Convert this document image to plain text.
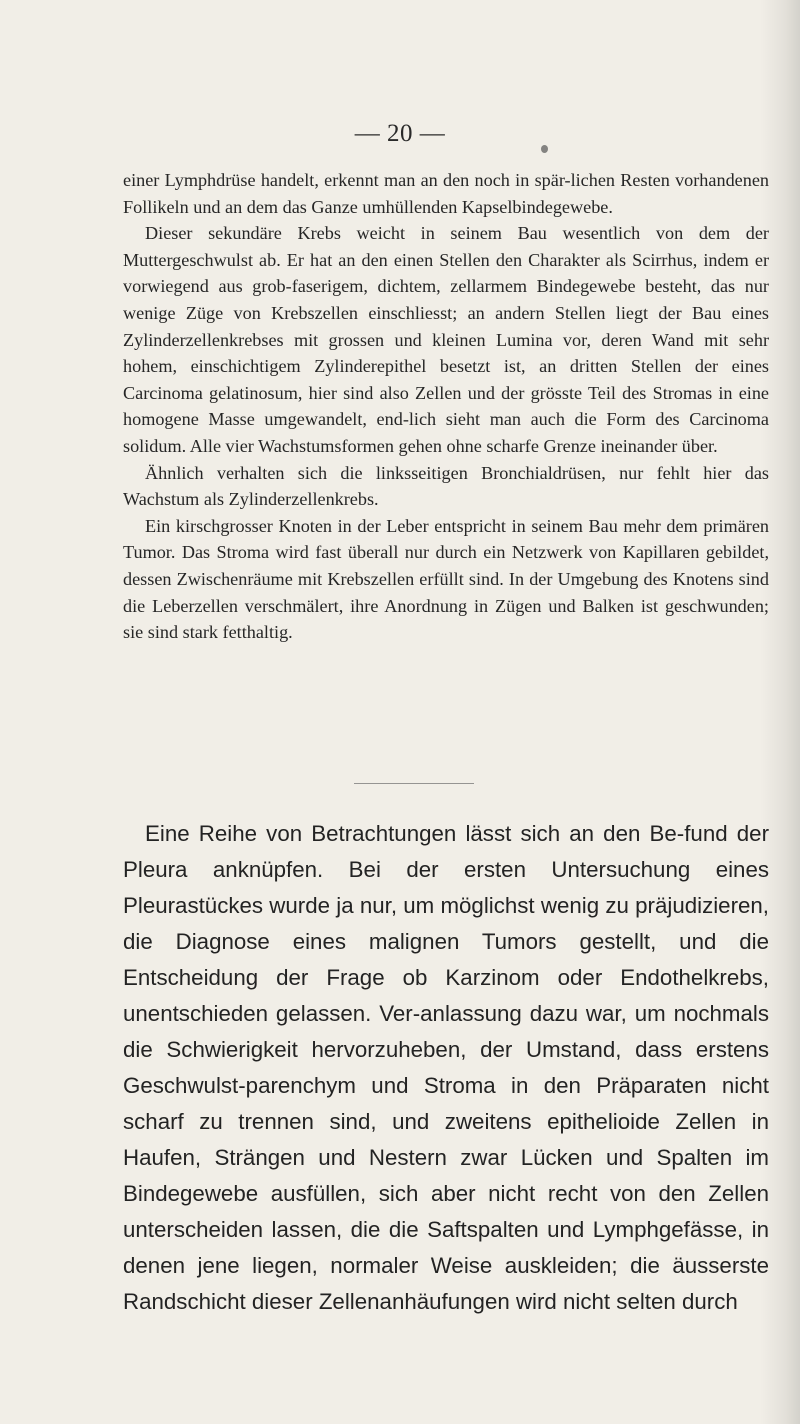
— 20 —

einer Lymphdrüse handelt, erkennt man an den noch in spär-lichen Resten vorhandenen Follikeln und an dem das Ganze umhüllenden Kapselbindegewebe.

Dieser sekundäre Krebs weicht in seinem Bau wesentlich von dem der Muttergeschwulst ab. Er hat an den einen Stellen den Charakter als Scirrhus, indem er vorwiegend aus grob-faserigem, dichtem, zellarmem Bindegewebe besteht, das nur wenige Züge von Krebszellen einschliesst; an andern Stellen liegt der Bau eines Zylinderzellenkrebses mit grossen und kleinen Lumina vor, deren Wand mit sehr hohem, einschichtigem Zylinderepithel besetzt ist, an dritten Stellen der eines Carcinoma gelatinosum, hier sind also Zellen und der grösste Teil des Stromas in eine homogene Masse umgewandelt, end-lich sieht man auch die Form des Carcinoma solidum. Alle vier Wachstumsformen gehen ohne scharfe Grenze ineinander über.

Ähnlich verhalten sich die linksseitigen Bronchialdrüsen, nur fehlt hier das Wachstum als Zylinderzellenkrebs.

Ein kirschgrosser Knoten in der Leber entspricht in seinem Bau mehr dem primären Tumor. Das Stroma wird fast überall nur durch ein Netzwerk von Kapillaren gebildet, dessen Zwischenräume mit Krebszellen erfüllt sind. In der Umgebung des Knotens sind die Leberzellen verschmälert, ihre Anordnung in Zügen und Balken ist geschwunden; sie sind stark fetthaltig.

Eine Reihe von Betrachtungen lässt sich an den Be-fund der Pleura anknüpfen. Bei der ersten Untersuchung eines Pleurastückes wurde ja nur, um möglichst wenig zu präjudizieren, die Diagnose eines malignen Tumors gestellt, und die Entscheidung der Frage ob Karzinom oder Endothelkrebs, unentschieden gelassen. Ver-anlassung dazu war, um nochmals die Schwierigkeit hervorzuheben, der Umstand, dass erstens Geschwulst-parenchym und Stroma in den Präparaten nicht scharf zu trennen sind, und zweitens epithelioide Zellen in Haufen, Strängen und Nestern zwar Lücken und Spalten im Bindegewebe ausfüllen, sich aber nicht recht von den Zellen unterscheiden lassen, die die Saftspalten und Lymphgefässe, in denen jene liegen, normaler Weise auskleiden; die äusserste Randschicht dieser Zellenanhäufungen wird nicht selten durch
